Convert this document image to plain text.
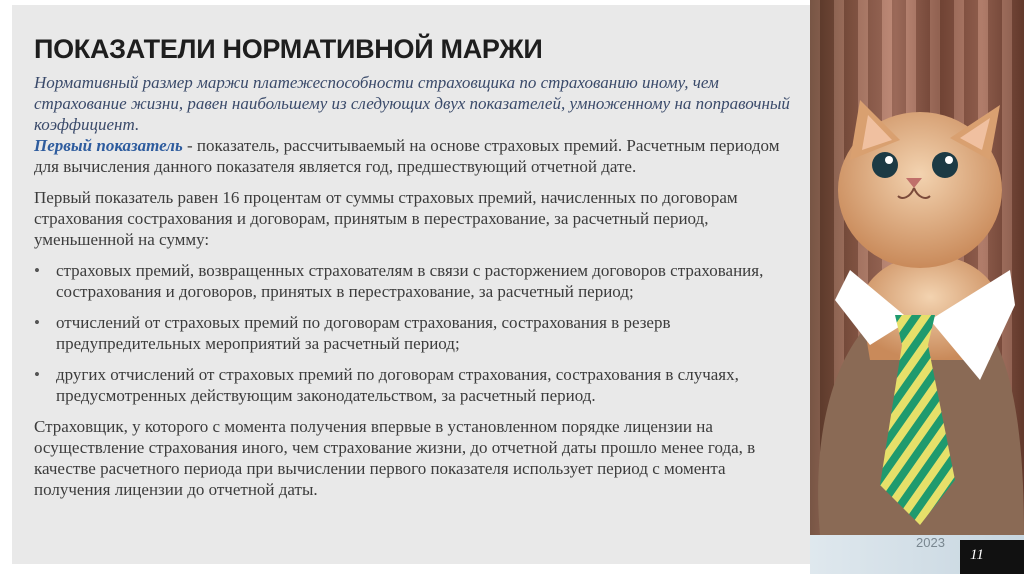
ПОКАЗАТЕЛИ НОРМАТИВНОЙ МАРЖИ

Нормативный размер маржи платежеспособности страховщика по страхованию иному, чем страхование жизни, равен наибольшему из следующих двух показателей, умноженному на поправочный коэффициент.

Первый показатель - показатель, рассчитываемый на основе страховых премий. Расчетным периодом для вычисления данного показателя является год, предшествующий отчетной дате.

Первый показатель равен 16 процентам от суммы страховых премий, начисленных по договорам страхования сострахования и договорам, принятым в перестрахование, за расчетный период, уменьшенной на сумму:

• страховых премий, возвращенных страхователям в связи с расторжением договоров страхования, сострахования и договоров, принятых в перестрахование, за расчетный период;
• отчислений от страховых премий по договорам страхования, сострахования в резерв предупредительных мероприятий за расчетный период;
• других отчислений от страховых премий по договорам страхования, сострахования в случаях, предусмотренных действующим законодательством, за расчетный период.

Страховщик, у которого с момента получения впервые в установленном порядке лицензии на осуществление страхования иного, чем страхование жизни, до отчетной даты прошло менее года, в качестве расчетного периода при вычислении первого показателя использует период с момента получения лицензии до отчетной даты.

2023
11
